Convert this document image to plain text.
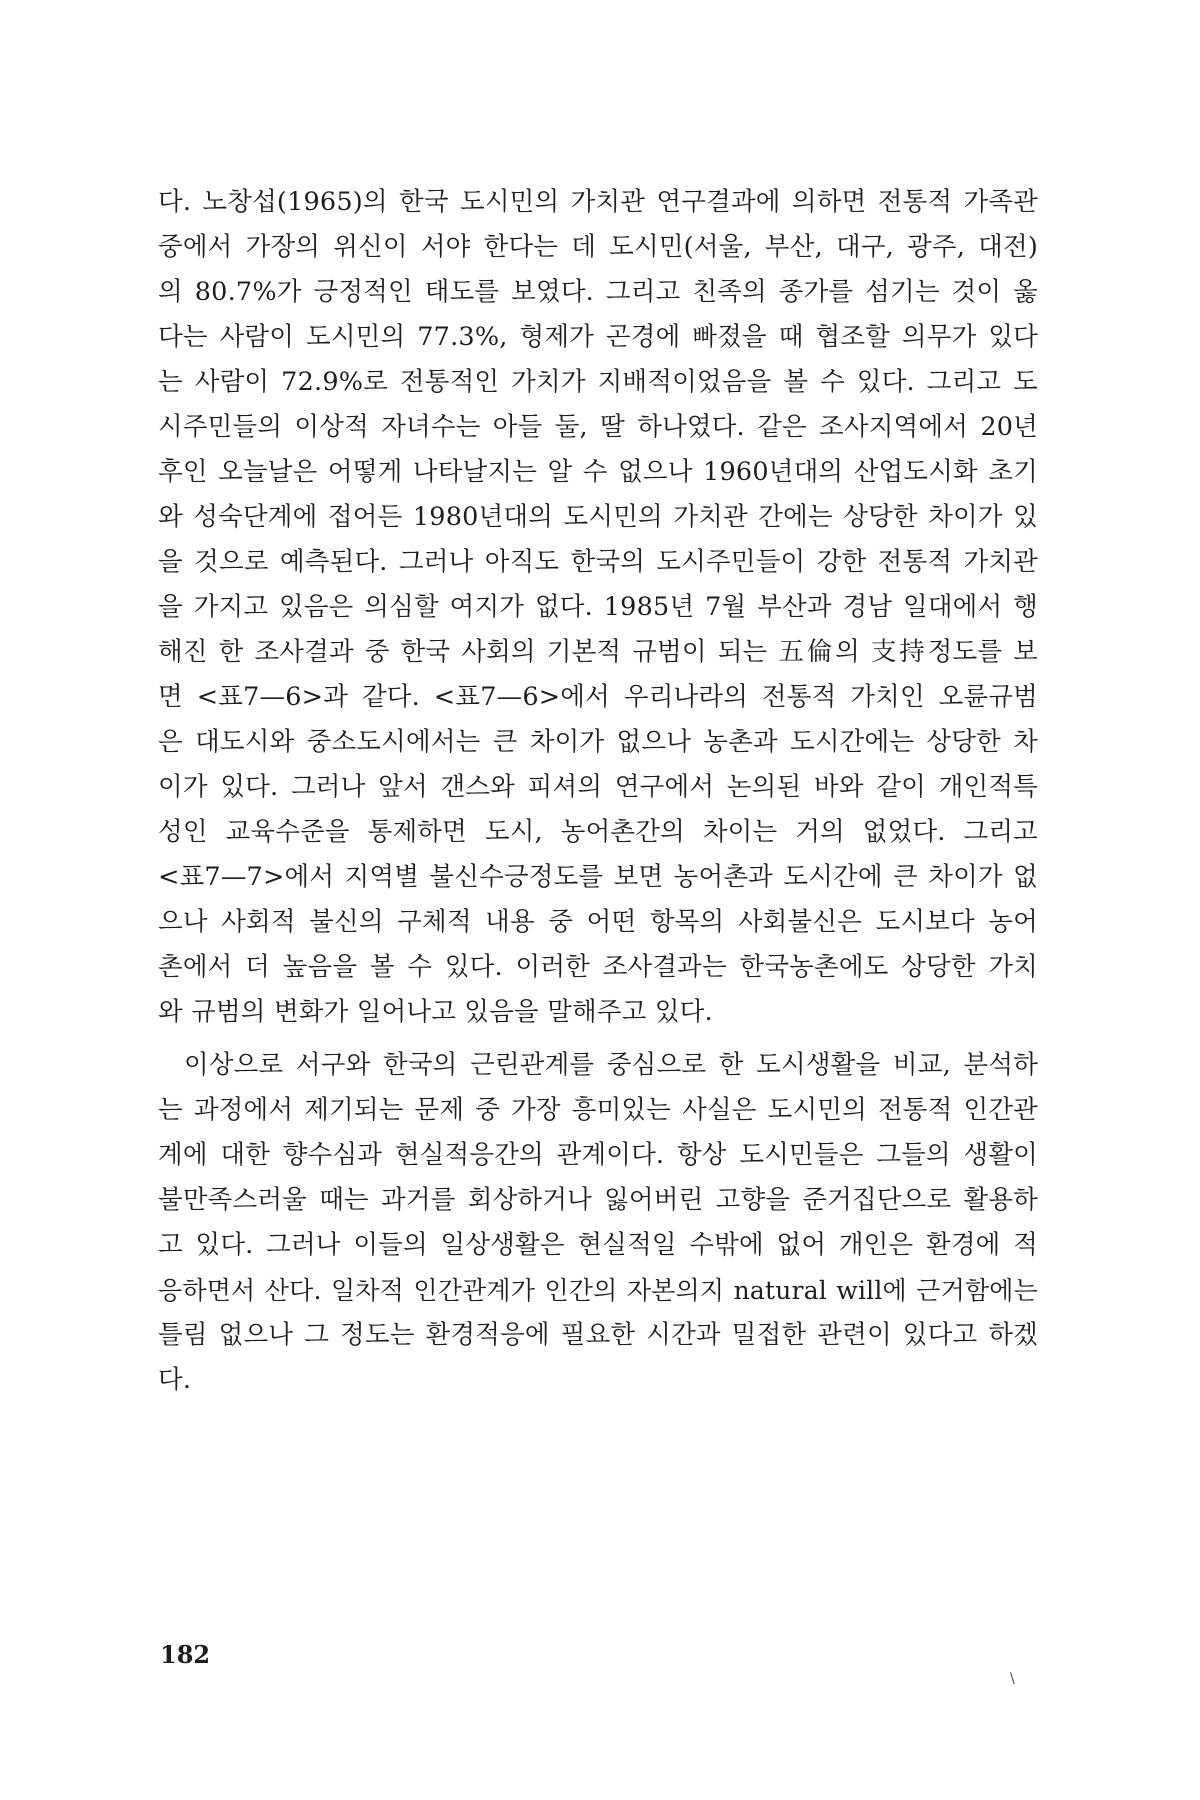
다. 노창섭(1965)의 한국 도시민의 가치관 연구결과에 의하면 전통적 가족관
중에서 가장의 위신이 서야 한다는 데 도시민(서울, 부산, 대구, 광주, 대전)
의 80.7%가 긍정적인 태도를 보였다. 그리고 친족의 종가를 섬기는 것이 옳
다는 사람이 도시민의 77.3%, 형제가 곤경에 빠졌을 때 협조할 의무가 있다
는 사람이 72.9%로 전통적인 가치가 지배적이었음을 볼 수 있다. 그리고 도
시주민들의 이상적 자녀수는 아들 둘, 딸 하나였다. 같은 조사지역에서 20년
후인 오늘날은 어떻게 나타날지는 알 수 없으나 1960년대의 산업도시화 초기
와 성숙단계에 접어든 1980년대의 도시민의 가치관 간에는 상당한 차이가 있
을 것으로 예측된다. 그러나 아직도 한국의 도시주민들이 강한 전통적 가치관
을 가지고 있음은 의심할 여지가 없다. 1985년 7월 부산과 경남 일대에서 행
해진 한 조사결과 중 한국 사회의 기본적 규범이 되는 五倫의 支持정도를 보
면 <표7—6>과 같다. <표7—6>에서 우리나라의 전통적 가치인 오륜규범
은 대도시와 중소도시에서는 큰 차이가 없으나 농촌과 도시간에는 상당한 차
이가 있다. 그러나 앞서 갠스와 피셔의 연구에서 논의된 바와 같이 개인적특
성인 교육수준을 통제하면 도시, 농어촌간의 차이는 거의 없었다. 그리고
<표7—7>에서 지역별 불신수긍정도를 보면 농어촌과 도시간에 큰 차이가 없
으나 사회적 불신의 구체적 내용 중 어떤 항목의 사회불신은 도시보다 농어
촌에서 더 높음을 볼 수 있다. 이러한 조사결과는 한국농촌에도 상당한 가치
와 규범의 변화가 일어나고 있음을 말해주고 있다.
이상으로 서구와 한국의 근린관계를 중심으로 한 도시생활을 비교, 분석하
는 과정에서 제기되는 문제 중 가장 흥미있는 사실은 도시민의 전통적 인간관
계에 대한 향수심과 현실적응간의 관계이다. 항상 도시민들은 그들의 생활이
불만족스러울 때는 과거를 회상하거나 잃어버린 고향을 준거집단으로 활용하
고 있다. 그러나 이들의 일상생활은 현실적일 수밖에 없어 개인은 환경에 적
응하면서 산다. 일차적 인간관계가 인간의 자본의지 natural will에 근거함에는
틀림 없으나 그 정도는 환경적응에 필요한 시간과 밀접한 관련이 있다고 하겠
다.
182
\
